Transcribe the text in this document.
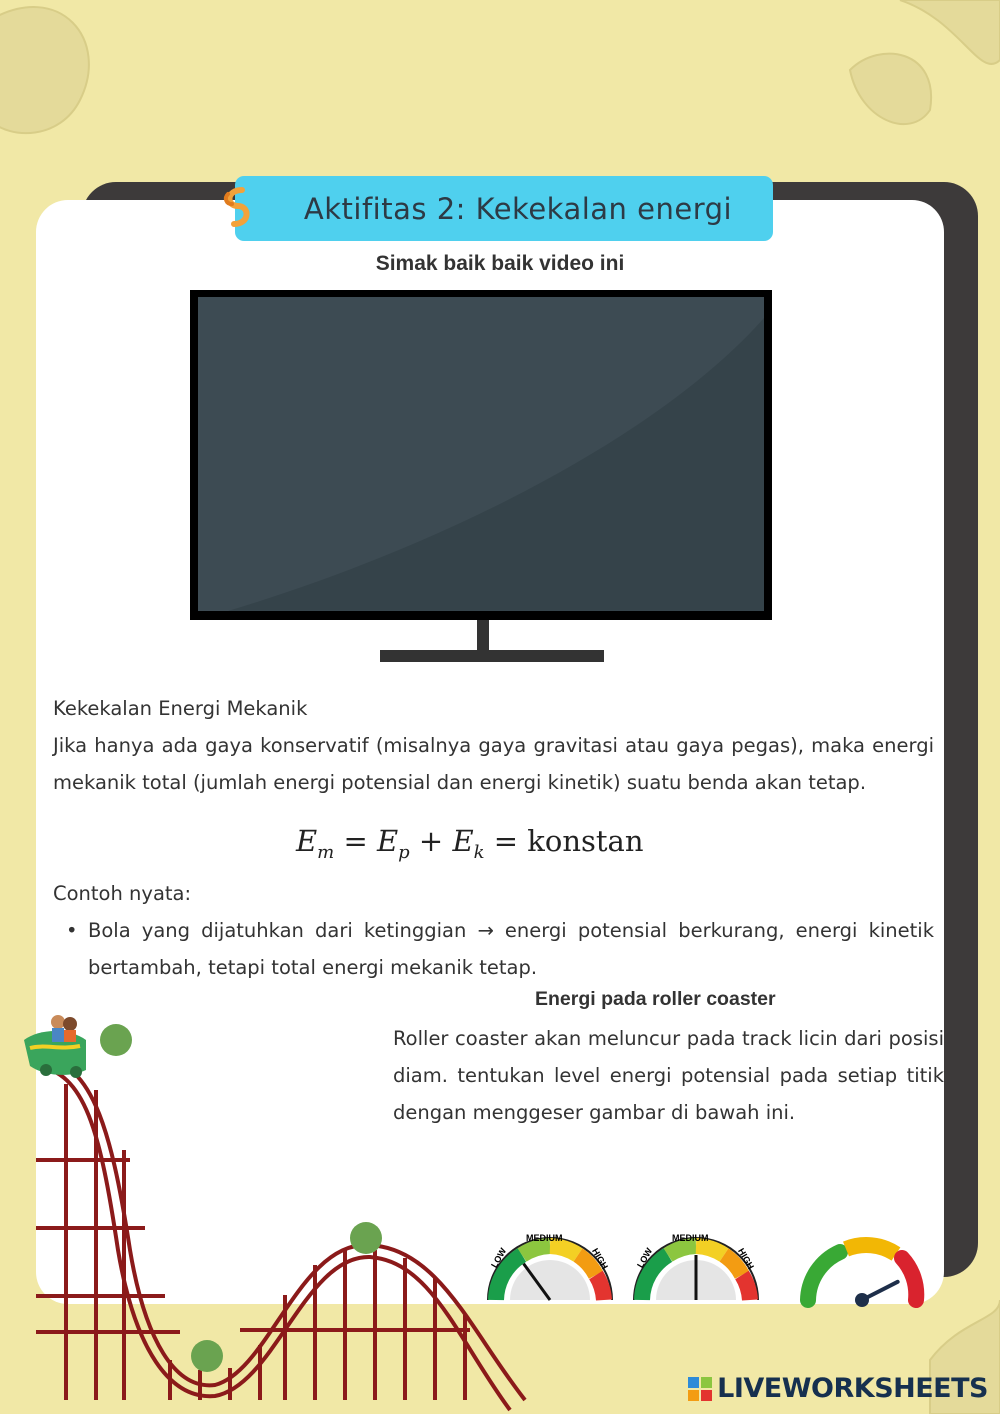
Aktifitas 2: Kekekalan energi
Simak baik baik video ini
Kekekalan Energi Mekanik
Jika hanya ada gaya konservatif (misalnya gaya gravitasi atau gaya pegas), maka energi mekanik total (jumlah energi potensial dan energi kinetik) suatu benda akan tetap.
$E_m = E_p + E_k$ = konstan
Contoh nyata:
• Bola yang dijatuhkan dari ketinggian → energi potensial berkurang, energi kinetik bertambah, tetapi total energi mekanik tetap.
Energi pada roller coaster
Roller coaster akan meluncur pada track licin dari posisi diam. tentukan level energi potensial pada setiap titik dengan menggeser gambar di bawah ini.
LOW
MEDIUM
HIGH	LOW
MEDIUM
HIGH
LIVEWORKSHEETS
